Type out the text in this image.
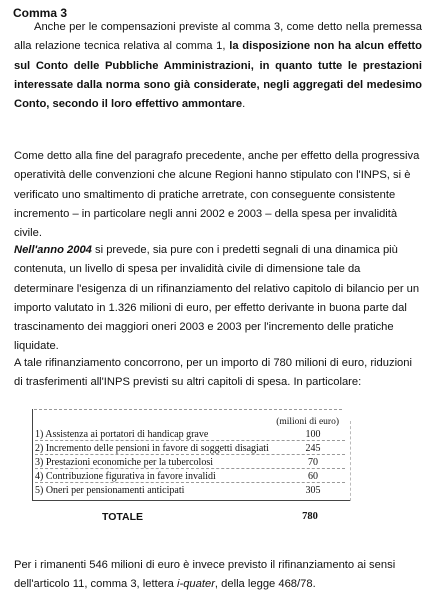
Comma 3
Anche per le compensazioni previste al comma 3, come detto nella premessa alla relazione tecnica relativa al comma 1, la disposizione non ha alcun effetto sul Conto delle Pubbliche Amministrazioni, in quanto tutte le prestazioni interessate dalla norma sono già considerate, negli aggregati del medesimo Conto, secondo il loro effettivo ammontare.
Come detto alla fine del paragrafo precedente, anche per effetto della progressiva operatività delle convenzioni che alcune Regioni hanno stipulato con l'INPS, si è verificato uno smaltimento di pratiche arretrate, con conseguente consistente incremento – in particolare negli anni 2002 e 2003 – della spesa per invalidità civile.
Nell'anno 2004 si prevede, sia pure con i predetti segnali di una dinamica più contenuta, un livello di spesa per invalidità civile di dimensione tale da determinare l'esigenza di un rifinanziamento del relativo capitolo di bilancio per un importo valutato in 1.326 milioni di euro, per effetto derivante in buona parte dal trascinamento dei maggiori oneri 2003 e 2003 per l'incremento delle pratiche liquidate.
A tale rifinanziamento concorrono, per un importo di 780 milioni di euro, riduzioni di trasferimenti all'INPS previsti su altri capitoli di spesa. In particolare:
(milioni di euro)
1) Assistenza ai portatori di handicap grave	100
2) Incremento delle pensioni in favore di soggetti disagiati	245
3) Prestazioni economiche per la tubercolosi	70
4) Contribuzione figurativa in favore invalidi	60
5) Oneri per pensionamenti anticipati	305
TOTALE	780
Per i rimanenti 546 milioni di euro è invece previsto il rifinanziamento ai sensi dell'articolo 11, comma 3, lettera i-quater, della legge 468/78.
